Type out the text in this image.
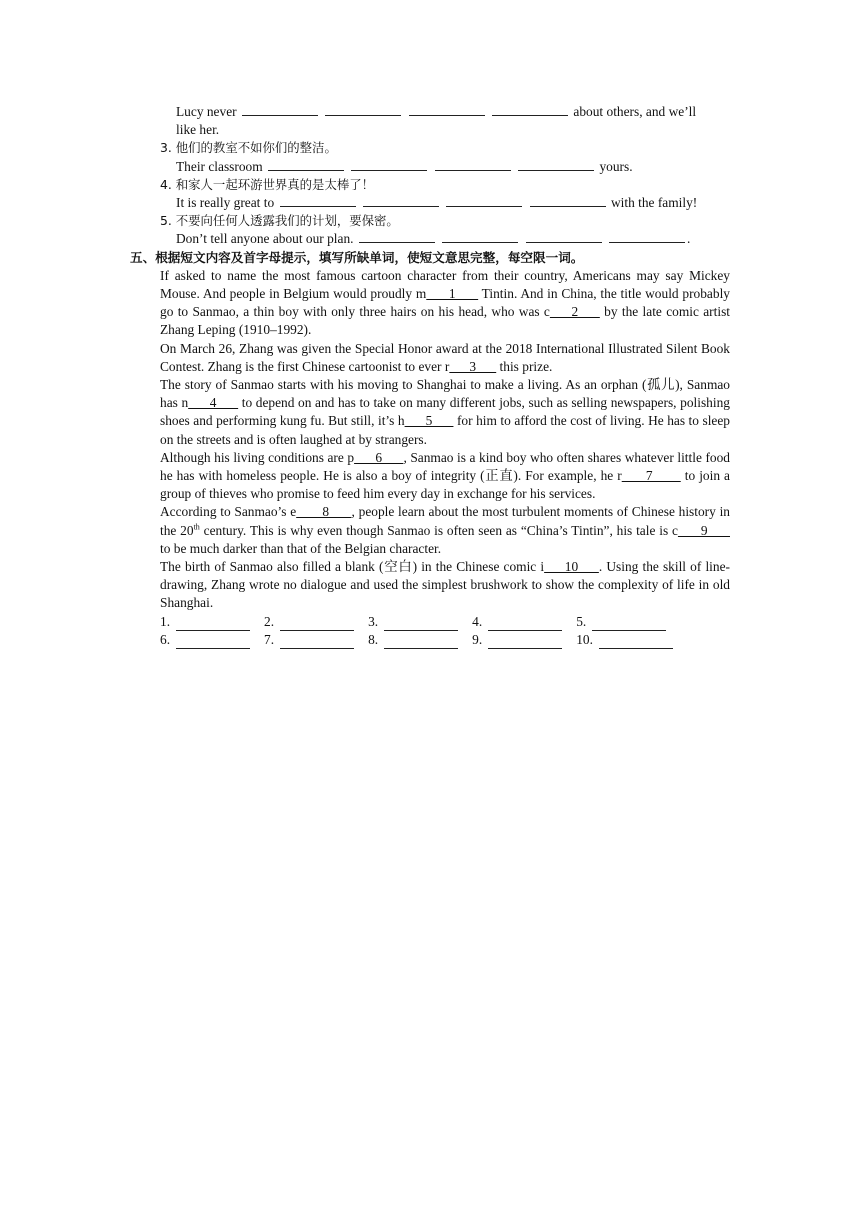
Lucy never	about others, and we’ll
like her.
3. 他们的教室不如你们的整洁。
Their classroom	yours.
4. 和家人一起环游世界真的是太棒了！
It is really great to	with the family!
5. 不要向任何人透露我们的计划，要保密。
Don’t tell anyone about our plan.	.
五、根据短文内容及首字母提示，填写所缺单词，使短文意思完整，每空限一词。
If asked to name the most famous cartoon character from their country, Americans may say Mickey Mouse. And people in Belgium would proudly m      1       Tintin. And in China, the title would probably go to Sanmao, a thin boy with only three hairs on his head, who was c     2      by the late comic artist Zhang Leping (1910–1992).
On March 26, Zhang was given the Special Honor award at the 2018 International Illustrated Silent Book Contest. Zhang is the first Chinese cartoonist to ever r      3       this prize.
The story of Sanmao starts with his moving to Shanghai to make a living. As an orphan (孤儿), Sanmao has n      4       to depend on and has to take on many different jobs, such as selling newspapers, polishing shoes and performing kung fu. But still, it’s h      5       for him to afford the cost of living. He has to sleep on the streets and is often laughed at by strangers.
Although his living conditions are p      6      , Sanmao is a kind boy who often shares whatever little food he has with homeless people. He is also a boy of integrity (正直). For example, he r      7        to join a group of thieves who promise to feed him every day in exchange for his services.
According to Sanmao’s e       8      , people learn about the most turbulent moments of Chinese history in the 20th century. This is why even though Sanmao is often seen as “China’s Tintin”, his tale is c      9       to be much darker than that of the Belgian character.
The birth of Sanmao also filled a blank (空白) in the Chinese comic i     10     . Using the skill of line-drawing, Zhang wrote no dialogue and used the simplest brushwork to show the complexity of life in old Shanghai.
1.	2.	3.	4.	5.
6.	7.	8.	9.	10.
